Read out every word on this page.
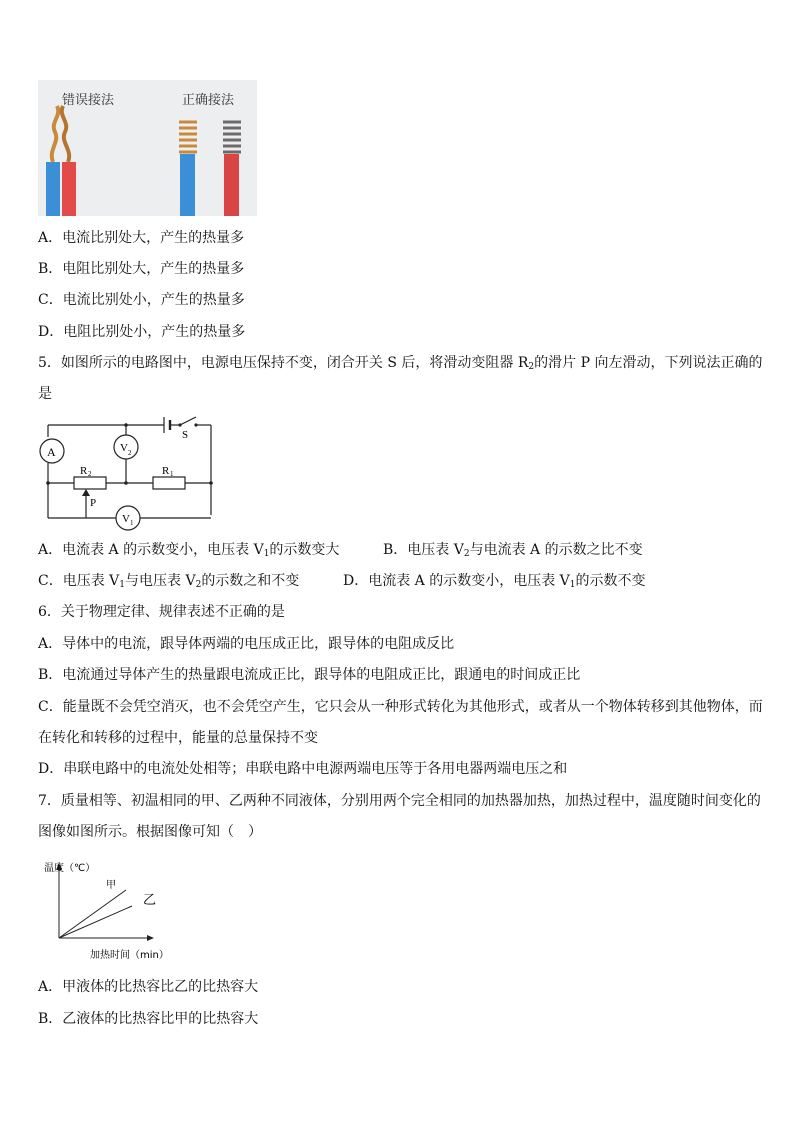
错误接法	正确接法
A．电流比别处大，产生的热量多
B．电阻比别处大，产生的热量多
C．电流比别处小，产生的热量多
D．电阻比别处小，产生的热量多
5．如图所示的电路图中，电源电压保持不变，闭合开关 S 后，将滑动变阻器 $R_2$的滑片 P 向左滑动，下列说法正确的
是
A	V 2
V 1
S
R 2	R 1
P
A．电流表 A 的示数变小，电压表 $V_1$的示数变大	B．电压表 $V_2$与电流表 A 的示数之比不变
C．电压表 $V_1$与电压表 $V_2$的示数之和不变	D．电流表 A 的示数变小，电压表 $V_1$的示数不变
6．关于物理定律、规律表述不正确的是
A．导体中的电流，跟导体两端的电压成正比，跟导体的电阻成反比
B．电流通过导体产生的热量跟电流成正比，跟导体的电阻成正比，跟通电的时间成正比
C．能量既不会凭空消灭，也不会凭空产生，它只会从一种形式转化为其他形式，或者从一个物体转移到其他物体，而
在转化和转移的过程中，能量的总量保持不变
D．串联电路中的电流处处相等；串联电路中电源两端电压等于各用电器两端电压之和
7．质量相等、初温相同的甲、乙两种不同液体，分别用两个完全相同的加热器加热，加热过程中，温度随时间变化的
图像如图所示。根据图像可知（　）
温度（℃）
加热时间（min）
甲
乙
A．甲液体的比热容比乙的比热容大
B．乙液体的比热容比甲的比热容大
